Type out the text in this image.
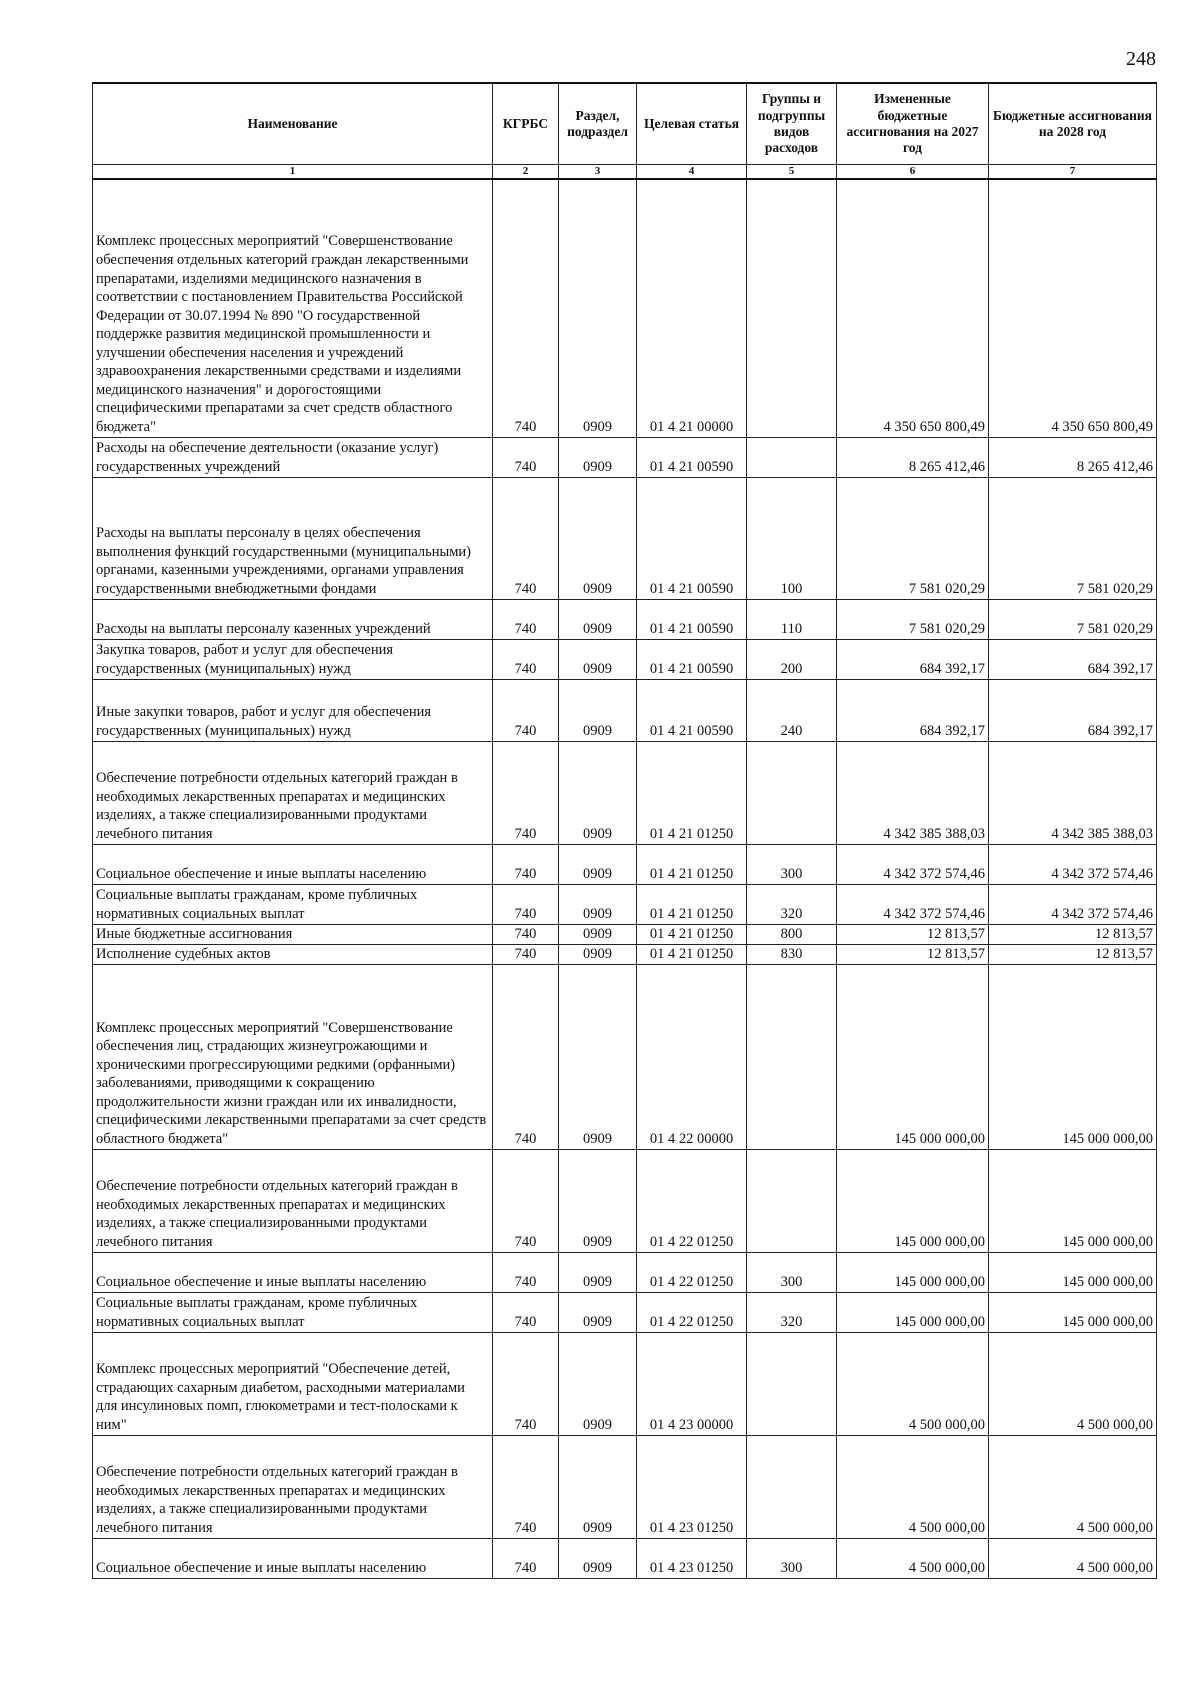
248
Наименование	КГРБС	Раздел, подраздел	Целевая статья	Группы и подгруппы видов расходов	Измененные бюджетные ассигнования на 2027 год	Бюджетные ассигнования на 2028 год
1	2	3	4	5	6	7
Комплекс процессных мероприятий "Совершенствование обеспечения отдельных категорий граждан лекарственными препаратами, изделиями медицинского назначения в соответствии с постановлением Правительства Российской Федерации от 30.07.1994 № 890 "О государственной поддержке развития медицинской промышленности и улучшении обеспечения населения и учреждений здравоохранения лекарственными средствами и изделиями медицинского назначения" и дорогостоящими специфическими препаратами за счет средств областного бюджета"	740	0909	01 4 21 00000		4 350 650 800,49	4 350 650 800,49
Расходы на обеспечение деятельности (оказание услуг) государственных учреждений	740	0909	01 4 21 00590		8 265 412,46	8 265 412,46
Расходы на выплаты персоналу в целях обеспечения выполнения функций государственными (муниципальными) органами, казенными учреждениями, органами управления государственными внебюджетными фондами	740	0909	01 4 21 00590	100	7 581 020,29	7 581 020,29
Расходы на выплаты персоналу казенных учреждений	740	0909	01 4 21 00590	110	7 581 020,29	7 581 020,29
Закупка товаров, работ и услуг для обеспечения государственных (муниципальных) нужд	740	0909	01 4 21 00590	200	684 392,17	684 392,17
Иные закупки товаров, работ и услуг для обеспечения государственных (муниципальных) нужд	740	0909	01 4 21 00590	240	684 392,17	684 392,17
Обеспечение потребности отдельных категорий граждан в необходимых лекарственных препаратах и медицинских изделиях, а также специализированными продуктами лечебного питания	740	0909	01 4 21 01250		4 342 385 388,03	4 342 385 388,03
Социальное обеспечение и иные выплаты населению	740	0909	01 4 21 01250	300	4 342 372 574,46	4 342 372 574,46
Социальные выплаты гражданам, кроме публичных нормативных социальных выплат	740	0909	01 4 21 01250	320	4 342 372 574,46	4 342 372 574,46
Иные бюджетные ассигнования	740	0909	01 4 21 01250	800	12 813,57	12 813,57
Исполнение судебных актов	740	0909	01 4 21 01250	830	12 813,57	12 813,57
Комплекс процессных мероприятий "Совершенствование обеспечения лиц, страдающих жизнеугрожающими и хроническими прогрессирующими редкими (орфанными) заболеваниями, приводящими к сокращению продолжительности жизни граждан или их инвалидности, специфическими лекарственными препаратами за счет средств областного бюджета"	740	0909	01 4 22 00000		145 000 000,00	145 000 000,00
Обеспечение потребности отдельных категорий граждан в необходимых лекарственных препаратах и медицинских изделиях, а также специализированными продуктами лечебного питания	740	0909	01 4 22 01250		145 000 000,00	145 000 000,00
Социальное обеспечение и иные выплаты населению	740	0909	01 4 22 01250	300	145 000 000,00	145 000 000,00
Социальные выплаты гражданам, кроме публичных нормативных социальных выплат	740	0909	01 4 22 01250	320	145 000 000,00	145 000 000,00
Комплекс процессных мероприятий "Обеспечение детей, страдающих сахарным диабетом, расходными материалами для инсулиновых помп, глюкометрами и тест-полосками к ним"	740	0909	01 4 23 00000		4 500 000,00	4 500 000,00
Обеспечение потребности отдельных категорий граждан в необходимых лекарственных препаратах и медицинских изделиях, а также специализированными продуктами лечебного питания	740	0909	01 4 23 01250		4 500 000,00	4 500 000,00
Социальное обеспечение и иные выплаты населению	740	0909	01 4 23 01250	300	4 500 000,00	4 500 000,00
